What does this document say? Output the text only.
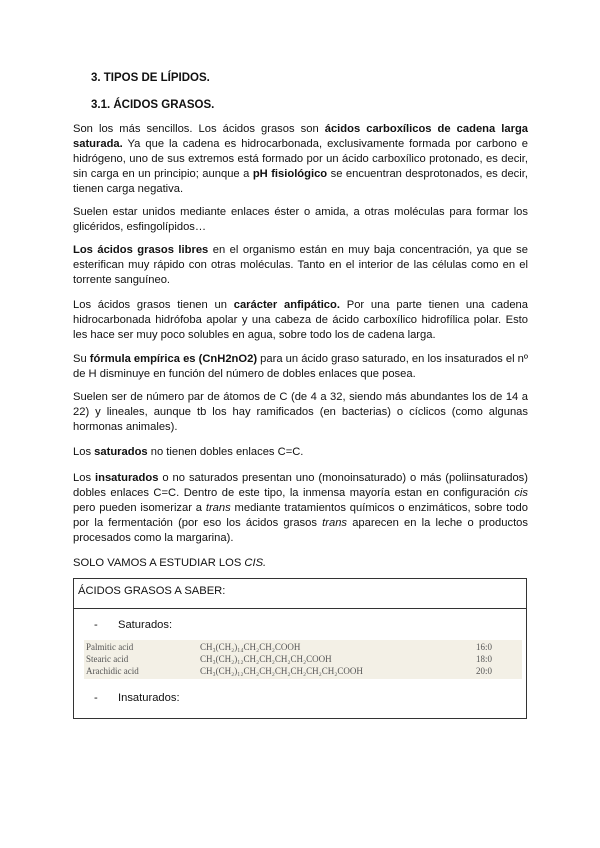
3. TIPOS DE LÍPIDOS.
3.1. ÁCIDOS GRASOS.

Son los más sencillos. Los ácidos grasos son ácidos carboxílicos de cadena larga saturada. Ya que la cadena es hidrocarbonada, exclusivamente formada por carbono e hidrógeno, uno de sus extremos está formado por un ácido carboxílico protonado, es decir, sin carga en un principio; aunque a pH fisiológico se encuentran desprotonados, es decir, tienen carga negativa.

Suelen estar unidos mediante enlaces éster o amida, a otras moléculas para formar los glicéridos, esfingolípidos…

Los ácidos grasos libres en el organismo están en muy baja concentración, ya que se esterifican muy rápido con otras moléculas. Tanto en el interior de las células como en el torrente sanguíneo.

Los ácidos grasos tienen un carácter anfipático. Por una parte tienen una cadena hidrocarbonada hidrófoba apolar y una cabeza de ácido carboxílico hidrofílica polar. Esto les hace ser muy poco solubles en agua, sobre todo los de cadena larga.

Su fórmula empírica es (CnH2nO2) para un ácido graso saturado, en los insaturados el nº de H disminuye en función del número de dobles enlaces que posea.

Suelen ser de número par de átomos de C (de 4 a 32, siendo más abundantes los de 14 a 22) y lineales, aunque tb los hay ramificados (en bacterias) o cíclicos (como algunas hormonas animales).

Los saturados no tienen dobles enlaces C=C.

Los insaturados o no saturados presentan uno (monoinsaturado) o más (poliinsaturados) dobles enlaces C=C. Dentro de este tipo, la inmensa mayoría estan en configuración cis pero pueden isomerizar a trans mediante tratamientos químicos o enzimáticos, sobre todo por la fermentación (por eso los ácidos grasos trans aparecen en la leche o productos procesados como la margarina).

SOLO VAMOS A ESTUDIAR LOS CIS.

ÁCIDOS GRASOS A SABER:
- Saturados:
Palmitic acid	CH₃(CH₂)₁₄CH₂CH₂COOH	16:0
Stearic acid	CH₃(CH₂)₁₂CH₂CH₂CH₂CH₂COOH	18:0
Arachidic acid	CH₃(CH₂)₁₂CH₂CH₂CH₂CH₂CH₂CH₂COOH	20:0
- Insaturados:
